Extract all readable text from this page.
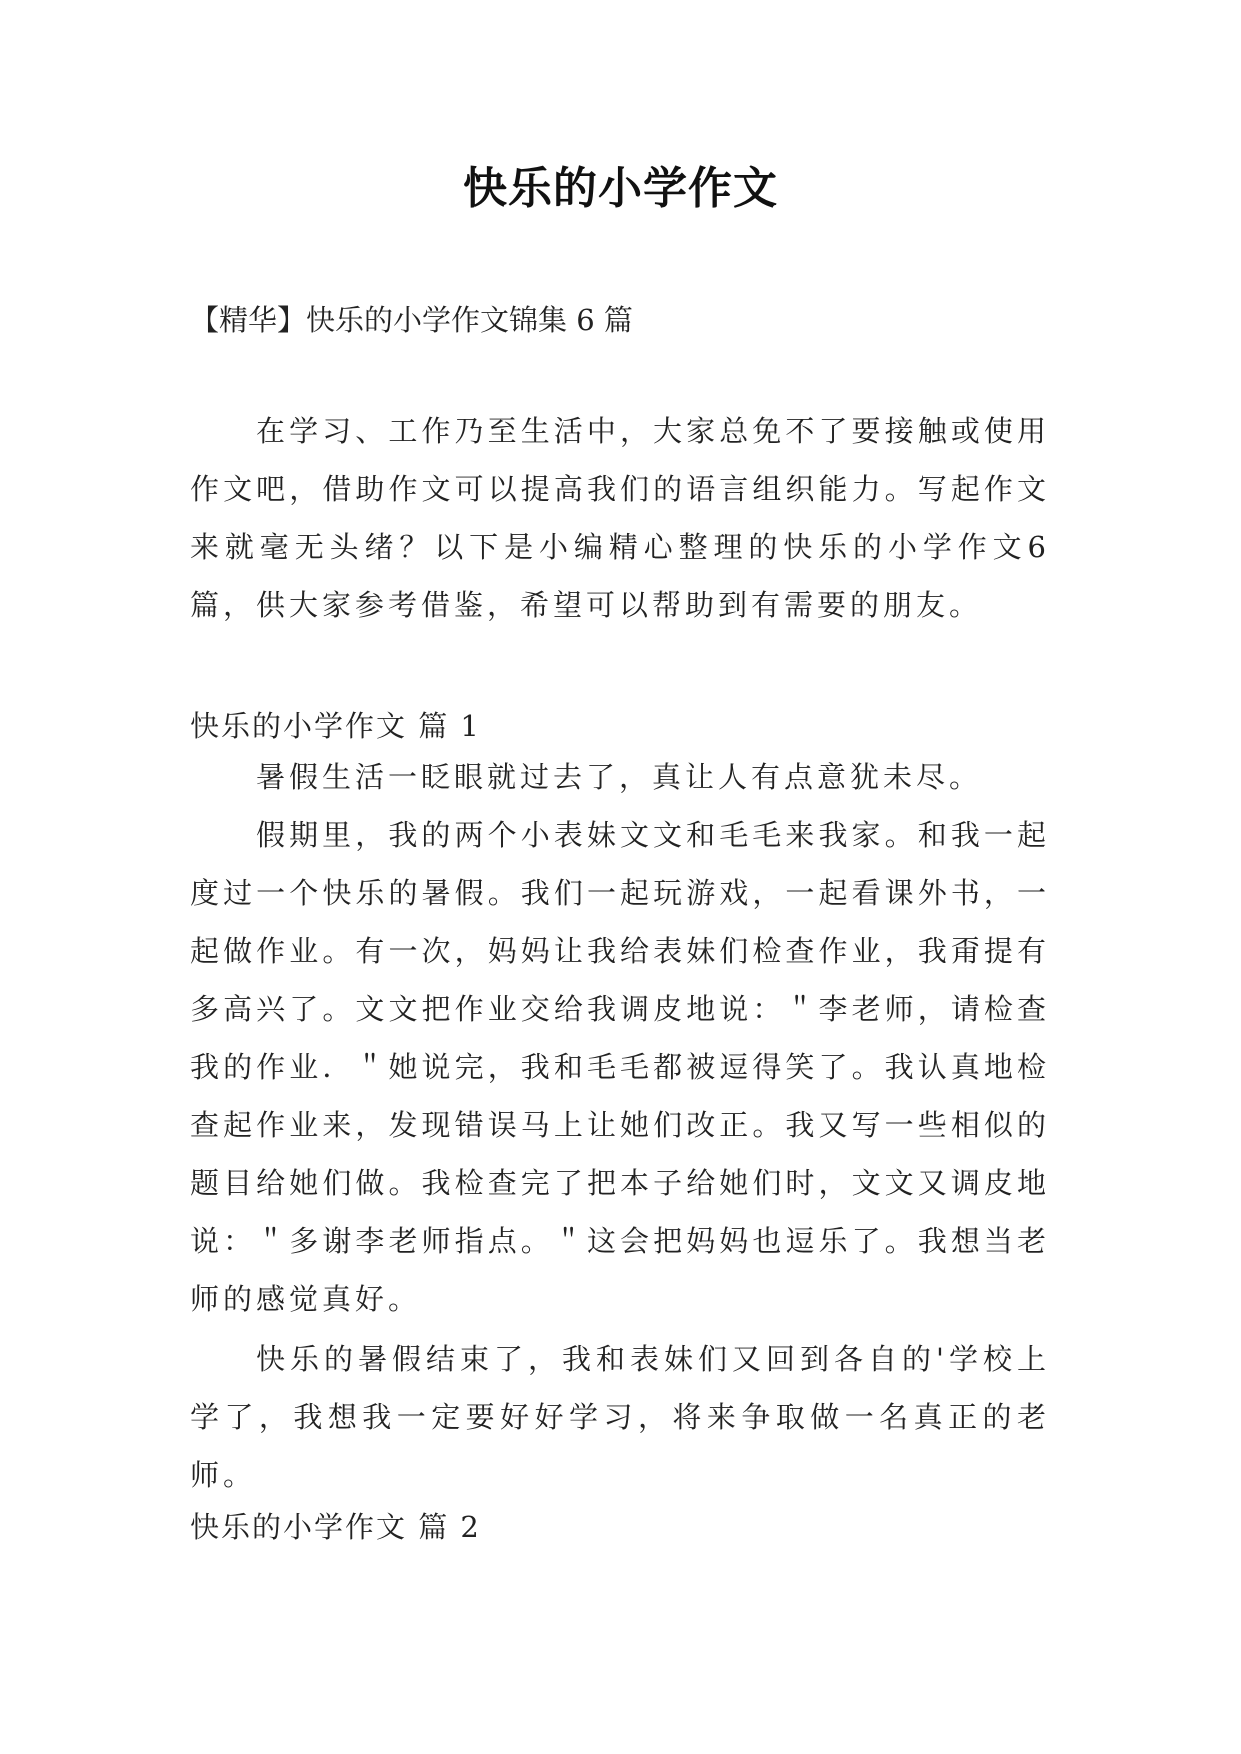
快乐的小学作文

【精华】快乐的小学作文锦集 6 篇

在学习、工作乃至生活中，大家总免不了要接触或使用作文吧，借助作文可以提高我们的语言组织能力。写起作文来就毫无头绪？以下是小编精心整理的快乐的小学作文6篇，供大家参考借鉴，希望可以帮助到有需要的朋友。

快乐的小学作文 篇 1

暑假生活一眨眼就过去了，真让人有点意犹未尽。

假期里，我的两个小表妹文文和毛毛来我家。和我一起度过一个快乐的暑假。我们一起玩游戏，一起看课外书，一起做作业。有一次，妈妈让我给表妹们检查作业，我甭提有多高兴了。文文把作业交给我调皮地说：＂李老师，请检查我的作业．＂她说完，我和毛毛都被逗得笑了。我认真地检查起作业来，发现错误马上让她们改正。我又写一些相似的题目给她们做。我检查完了把本子给她们时，文文又调皮地说：＂多谢李老师指点。＂这会把妈妈也逗乐了。我想当老师的感觉真好。

快乐的暑假结束了，我和表妹们又回到各自的'学校上学了，我想我一定要好好学习，将来争取做一名真正的老师。

快乐的小学作文 篇 2
